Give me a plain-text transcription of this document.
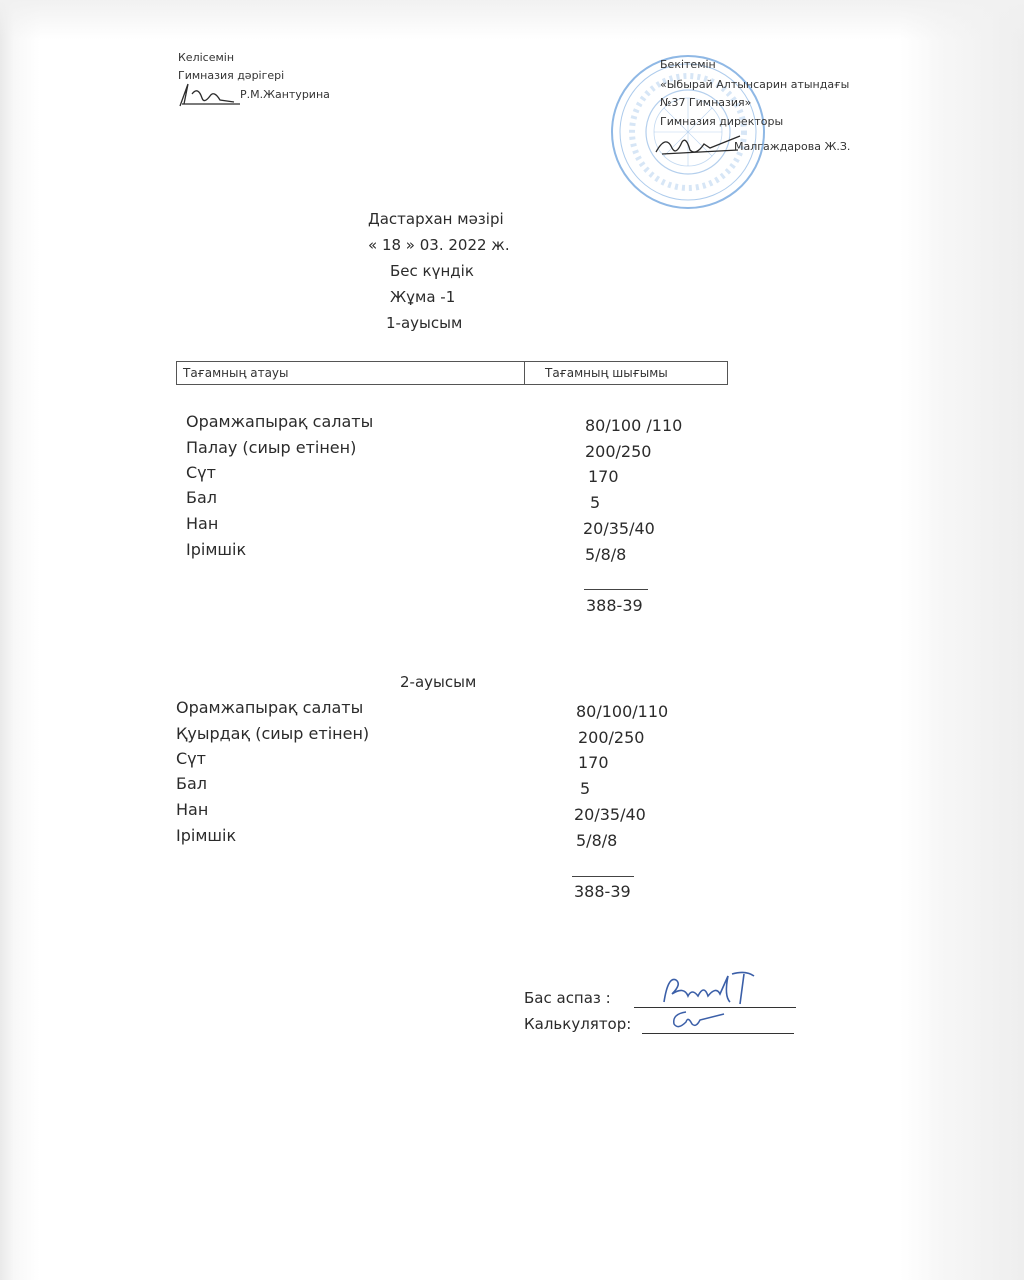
Келісемін
Гимназия дәрігері
Р.М.Жантурина
Бекітемін
«Ыбырай Алтынсарин атындағы
№37 Гимназия»
Гимназия директоры
Малгаждарова Ж.З.
Дастархан мәзірі
« 18 » 03. 2022 ж.
Бес күндік
Жұма -1
1-ауысым
Тағамның атауы	Тағамның шығымы
Орамжапырақ салаты	80/100 /110
Палау (сиыр етінен)	200/250
Сүт	170
Бал	5
Нан	20/35/40
Ірімшік	5/8/8
388-39
2-ауысым
Орамжапырақ салаты	80/100/110
Қуырдақ (сиыр етінен)	200/250
Сүт	170
Бал	5
Нан	20/35/40
Ірімшік	5/8/8
388-39
Бас аспаз :
Калькулятор:
